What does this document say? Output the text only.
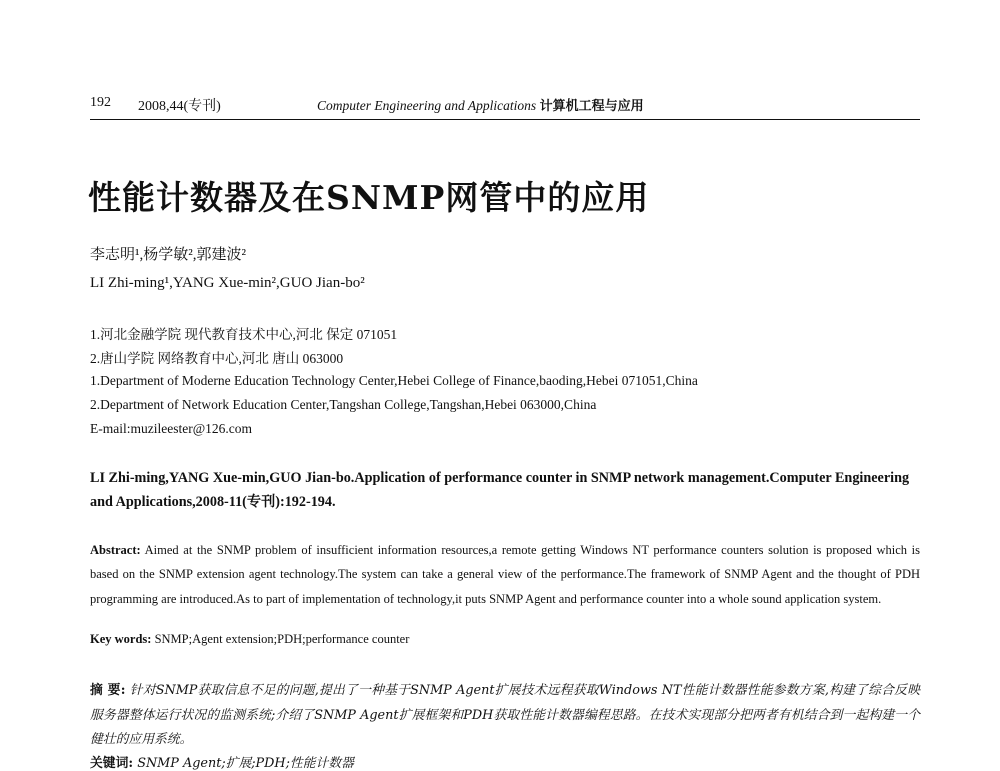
192 2008,44(专刊)	Computer Engineering and Applications 计算机工程与应用
性能计数器及在SNMP网管中的应用
李志明¹,杨学敏²,郭建波²
LI Zhi-ming¹,YANG Xue-min²,GUO Jian-bo²
1.河北金融学院 现代教育技术中心,河北 保定 071051
2.唐山学院 网络教育中心,河北 唐山 063000
1.Department of Moderne Education Technology Center,Hebei College of Finance,baoding,Hebei 071051,China
2.Department of Network Education Center,Tangshan College,Tangshan,Hebei 063000,China
E-mail:muzileester@126.com
LI Zhi-ming,YANG Xue-min,GUO Jian-bo.Application of performance counter in SNMP network management.Computer Engineering and Applications,2008-11(专刊):192-194.
Abstract: Aimed at the SNMP problem of insufficient information resources,a remote getting Windows NT performance counters solution is proposed which is based on the SNMP extension agent technology.The system can take a general view of the performance.The framework of SNMP Agent and the thought of PDH programming are introduced.As to part of implementation of technology,it puts SNMP Agent and performance counter into a whole sound application system.
Key words: SNMP;Agent extension;PDH;performance counter
摘 要: 针对SNMP获取信息不足的问题,提出了一种基于SNMP Agent扩展技术远程获取Windows NT性能计数器性能参数方案,构建了综合反映服务器整体运行状况的监测系统;介绍了SNMP Agent扩展框架和PDH获取性能计数器编程思路。在技术实现部分把两者有机结合到一起构建一个健壮的应用系统。
关键词: SNMP Agent;扩展;PDH;性能计数器
